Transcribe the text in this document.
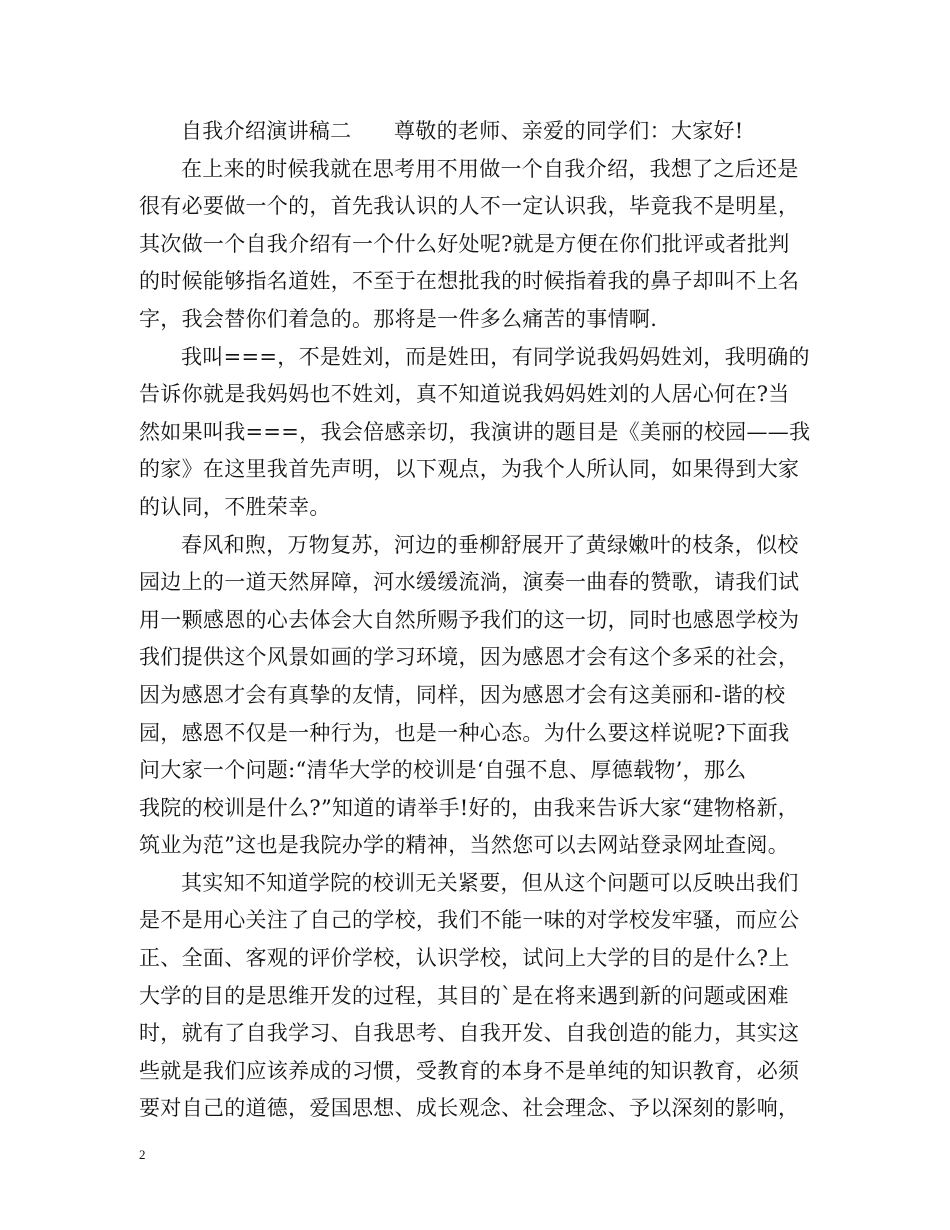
自我介绍演讲稿二　　尊敬的老师、亲爱的同学们：大家好!
在上来的时候我就在思考用不用做一个自我介绍，我想了之后还是
很有必要做一个的，首先我认识的人不一定认识我，毕竟我不是明星，
其次做一个自我介绍有一个什么好处呢?就是方便在你们批评或者批判
的时候能够指名道姓，不至于在想批我的时候指着我的鼻子却叫不上名
字，我会替你们着急的。那将是一件多么痛苦的事情啊.
我叫===，不是姓刘，而是姓田，有同学说我妈妈姓刘，我明确的
告诉你就是我妈妈也不姓刘，真不知道说我妈妈姓刘的人居心何在?当
然如果叫我===，我会倍感亲切，我演讲的题目是《美丽的校园——我
的家》在这里我首先声明，以下观点，为我个人所认同，如果得到大家
的认同，不胜荣幸。
春风和煦，万物复苏，河边的垂柳舒展开了黄绿嫩叶的枝条，似校
园边上的一道天然屏障，河水缓缓流淌，演奏一曲春的赞歌，请我们试
用一颗感恩的心去体会大自然所赐予我们的这一切，同时也感恩学校为
我们提供这个风景如画的学习环境，因为感恩才会有这个多采的社会，
因为感恩才会有真挚的友情，同样，因为感恩才会有这美丽和-谐的校
园，感恩不仅是一种行为，也是一种心态。为什么要这样说呢?下面我
问大家一个问题:“清华大学的校训是‘自强不息、厚德载物’，那么
我院的校训是什么?”知道的请举手!好的，由我来告诉大家“建物格新，
筑业为范”这也是我院办学的精神，当然您可以去网站登录网址查阅。
其实知不知道学院的校训无关紧要，但从这个问题可以反映出我们
是不是用心关注了自己的学校，我们不能一味的对学校发牢骚，而应公
正、全面、客观的评价学校，认识学校，试问上大学的目的是什么?上
大学的目的是思维开发的过程，其目的`是在将来遇到新的问题或困难
时，就有了自我学习、自我思考、自我开发、自我创造的能力，其实这
些就是我们应该养成的习惯，受教育的本身不是单纯的知识教育，必须
要对自己的道德，爱国思想、成长观念、社会理念、予以深刻的影响，
2
